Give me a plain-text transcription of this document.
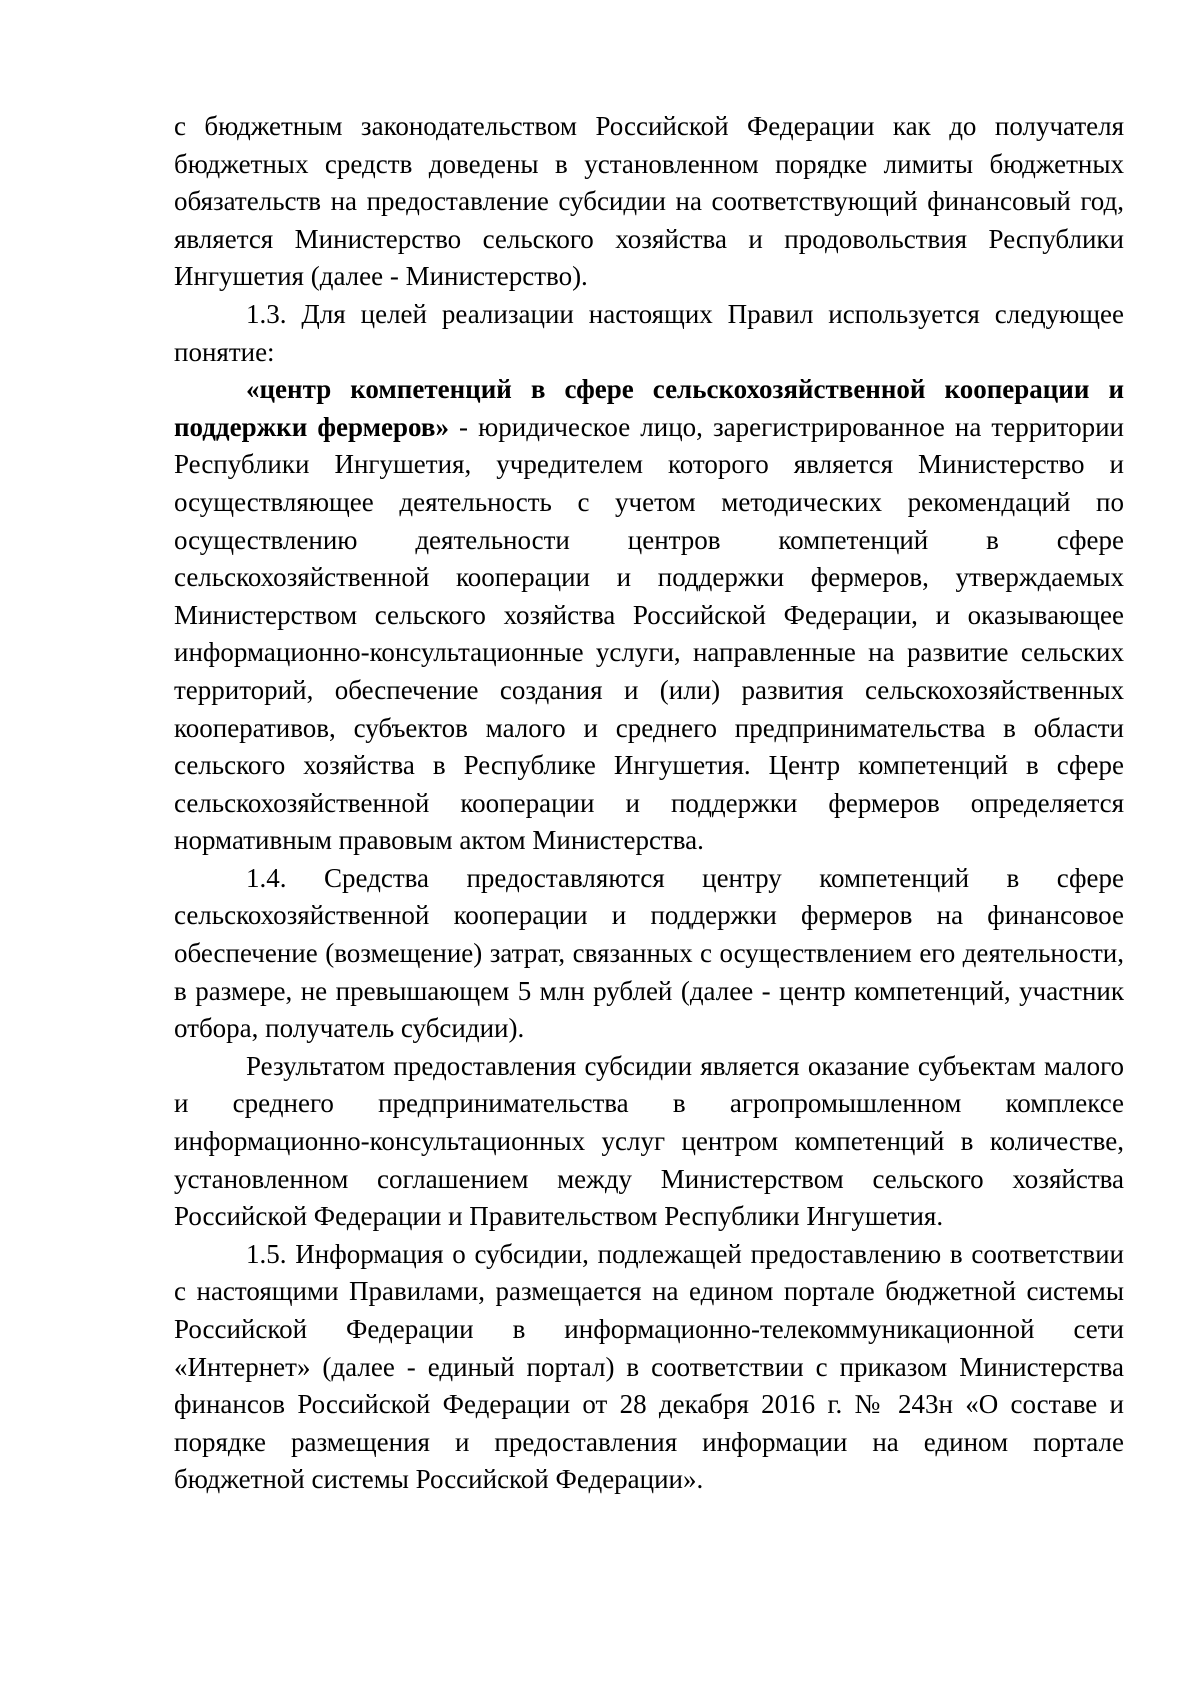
с бюджетным законодательством Российской Федерации как до получателя бюджетных средств доведены в установленном порядке лимиты бюджетных обязательств на предоставление субсидии на соответствующий финансовый год, является Министерство сельского хозяйства и продовольствия Республики Ингушетия (далее - Министерство).

1.3. Для целей реализации настоящих Правил используется следующее понятие:

«центр компетенций в сфере сельскохозяйственной кооперации и поддержки фермеров» - юридическое лицо, зарегистрированное на территории Республики Ингушетия, учредителем которого является Министерство и осуществляющее деятельность с учетом методических рекомендаций по осуществлению деятельности центров компетенций в сфере сельскохозяйственной кооперации и поддержки фермеров, утверждаемых Министерством сельского хозяйства Российской Федерации, и оказывающее информационно-консультационные услуги, направленные на развитие сельских территорий, обеспечение создания и (или) развития сельскохозяйственных кооперативов, субъектов малого и среднего предпринимательства в области сельского хозяйства в Республике Ингушетия. Центр компетенций в сфере сельскохозяйственной кооперации и поддержки фермеров определяется нормативным правовым актом Министерства.

1.4. Средства предоставляются центру компетенций в сфере сельскохозяйственной кооперации и поддержки фермеров на финансовое обеспечение (возмещение) затрат, связанных с осуществлением его деятельности, в размере, не превышающем 5 млн рублей (далее - центр компетенций, участник отбора, получатель субсидии).

Результатом предоставления субсидии является оказание субъектам малого и среднего предпринимательства в агропромышленном комплексе информационно-консультационных услуг центром компетенций в количестве, установленном соглашением между Министерством сельского хозяйства Российской Федерации и Правительством Республики Ингушетия.

1.5. Информация о субсидии, подлежащей предоставлению в соответствии с настоящими Правилами, размещается на едином портале бюджетной системы Российской Федерации в информационно-телекоммуникационной сети «Интернет» (далее - единый портал) в соответствии с приказом Министерства финансов Российской Федерации от 28 декабря 2016 г. № 243н «О составе и порядке размещения и предоставления информации на едином портале бюджетной системы Российской Федерации».
